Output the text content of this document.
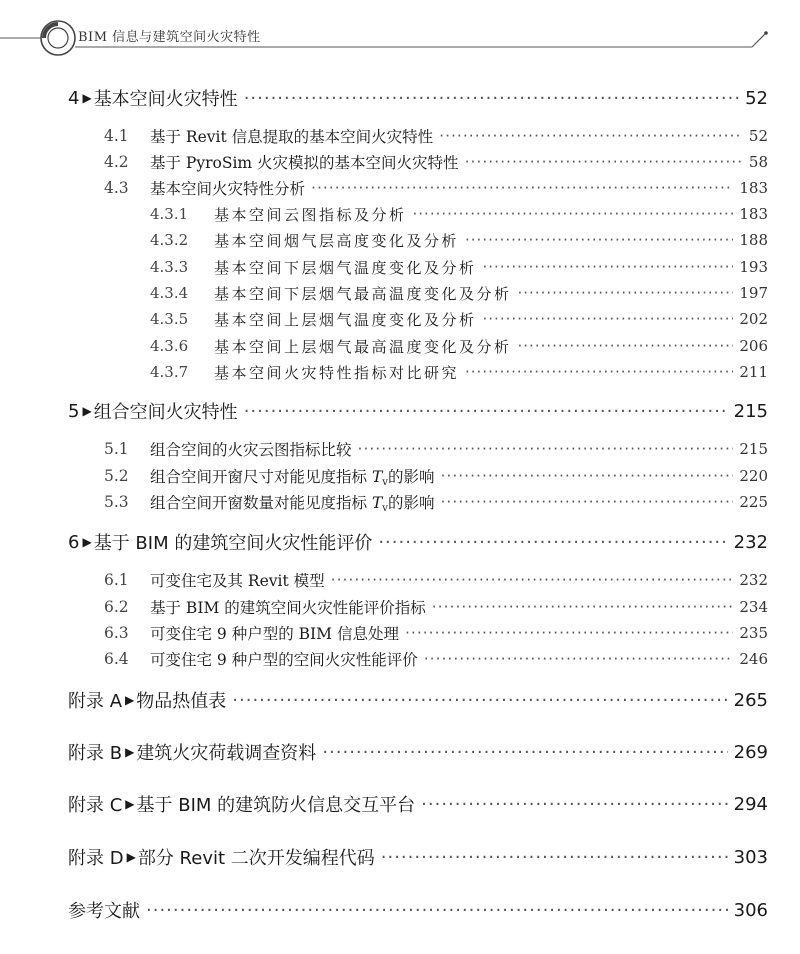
BIM 信息与建筑空间火灾特性
4 ▶ 基本空间火灾特性 ·····	52
4.1	基于 Revit 信息提取的基本空间火灾特性 ·····	52
4.2	基于 PyroSim 火灾模拟的基本空间火灾特性 ·····	58
4.3	基本空间火灾特性分析 ·····	183
4.3.1	基本空间云图指标及分析 ·····	183
4.3.2	基本空间烟气层高度变化及分析 ·····	188
4.3.3	基本空间下层烟气温度变化及分析 ·····	193
4.3.4	基本空间下层烟气最高温度变化及分析 ·····	197
4.3.5	基本空间上层烟气温度变化及分析 ·····	202
4.3.6	基本空间上层烟气最高温度变化及分析 ·····	206
4.3.7	基本空间火灾特性指标对比研究 ·····	211
5 ▶ 组合空间火灾特性 ·····	215
5.1	组合空间的火灾云图指标比较 ·····	215
5.2	组合空间开窗尺寸对能见度指标 Tv的影响 ·····	220
5.3	组合空间开窗数量对能见度指标 Tv的影响 ·····	225
6 ▶ 基于 BIM 的建筑空间火灾性能评价 ·····	232
6.1	可变住宅及其 Revit 模型 ·····	232
6.2	基于 BIM 的建筑空间火灾性能评价指标 ·····	234
6.3	可变住宅 9 种户型的 BIM 信息处理 ·····	235
6.4	可变住宅 9 种户型的空间火灾性能评价 ·····	246
附录 A ▶ 物品热值表 ·····	265
附录 B ▶ 建筑火灾荷载调查资料 ·····	269
附录 C ▶ 基于 BIM 的建筑防火信息交互平台 ·····	294
附录 D ▶ 部分 Revit 二次开发编程代码 ·····	303
参考文献 ·····	306
